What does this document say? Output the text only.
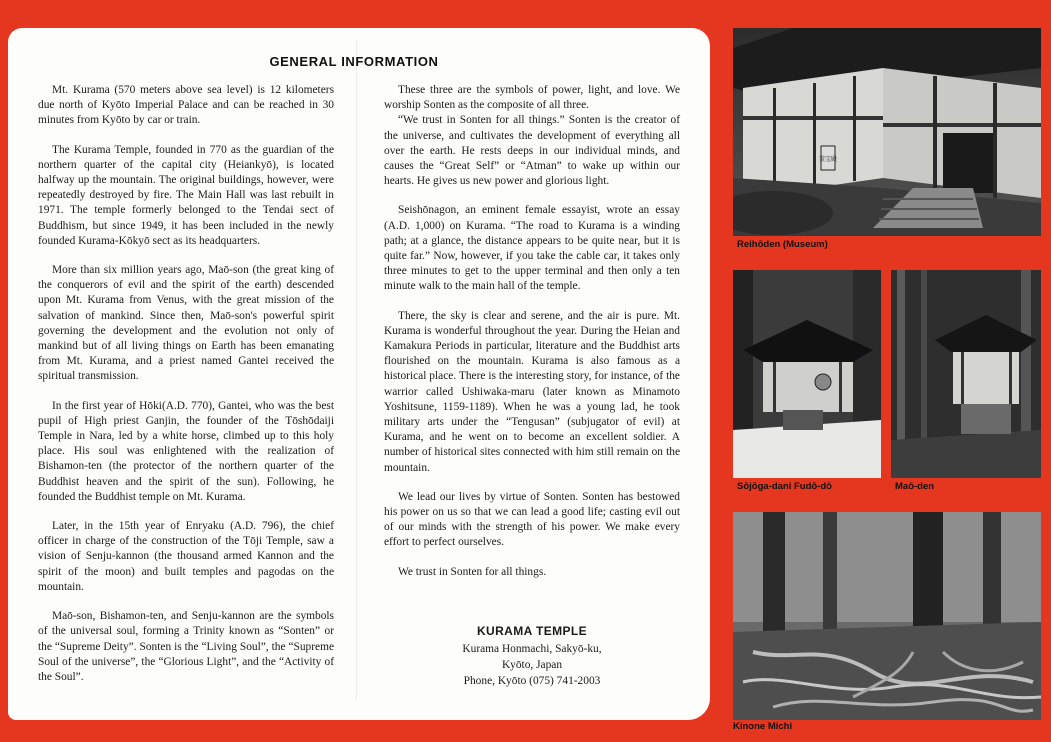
GENERAL INFORMATION

Mt. Kurama (570 meters above sea level) is 12 kilometers due north of Kyōto Imperial Palace and can be reached in 30 minutes from Kyōto by car or train.

The Kurama Temple, founded in 770 as the guardian of the northern quarter of the capital city (Heiankyō), is located halfway up the mountain. The original buildings, however, were repeatedly destroyed by fire. The Main Hall was last rebuilt in 1971. The temple formerly belonged to the Tendai sect of Buddhism, but since 1949, it has been included in the newly founded Kurama-Kōkyō sect as its headquarters.

More than six million years ago, Maō-son (the great king of the conquerors of evil and the spirit of the earth) descended upon Mt. Kurama from Venus, with the great mission of the salvation of mankind. Since then, Maō-son's powerful spirit governing the development and the evolution not only of mankind but of all living things on Earth has been emanating from Mt. Kurama, and a priest named Gantei received the spiritual transmission.

In the first year of Hōki(A.D. 770), Gantei, who was the best pupil of High priest Ganjin, the founder of the Tōshōdaiji Temple in Nara, led by a white horse, climbed up to this holy place. His soul was enlightened with the realization of Bishamon-ten (the protector of the northern quarter of the Buddhist heaven and the spirit of the sun). Following, he founded the Buddhist temple on Mt. Kurama.

Later, in the 15th year of Enryaku (A.D. 796), the chief officer in charge of the construction of the Tōji Temple, saw a vision of Senju-kannon (the thousand armed Kannon and the spirit of the moon) and built temples and pagodas on the mountain.

Maō-son, Bishamon-ten, and Senju-kannon are the symbols of the universal soul, forming a Trinity known as “Sonten” or the “Supreme Deity”. Sonten is the “Living Soul”, the “Supreme Soul of the universe”, the “Glorious Light”, and the “Activity of the Soul”.

These three are the symbols of power, light, and love. We worship Sonten as the composite of all three.

“We trust in Sonten for all things.” Sonten is the creator of the universe, and cultivates the development of everything all over the earth. He rests deeps in our individual minds, and causes the “Great Self” or “Atman” to wake up within our hearts. He gives us new power and glorious light.

Seishōnagon, an eminent female essayist, wrote an essay (A.D. 1,000) on Kurama. “The road to Kurama is a winding path; at a glance, the distance appears to be quite near, but it is quite far.” Now, however, if you take the cable car, it takes only three minutes to get to the upper terminal and then only a ten minute walk to the main hall of the temple.

There, the sky is clear and serene, and the air is pure. Mt. Kurama is wonderful throughout the year. During the Heian and Kamakura Periods in particular, literature and the Buddhist arts flourished on the mountain. Kurama is also famous as a historical place. There is the interesting story, for instance, of the warrior called Ushiwaka-maru (later known as Minamoto Yoshitsune, 1159-1189). When he was a young lad, he took military arts under the “Tengusan” (subjugator of evil) at Kurama, and he went on to become an excellent soldier. A number of historical sites connected with him still remain on the mountain.

We lead our lives by virtue of Sonten. Sonten has bestowed his power on us so that we can lead a good life; casting evil out of our minds with the strength of his power. We make every effort to perfect ourselves.

We trust in Sonten for all things.

KURAMA TEMPLE
Kurama Honmachi, Sakyō-ku,
Kyōto, Japan
Phone, Kyōto (075) 741-2003
霊宝殿
Reihōden (Museum)
Sōjōga-dani Fudō-dō	Maō-den
Kinone Michi
